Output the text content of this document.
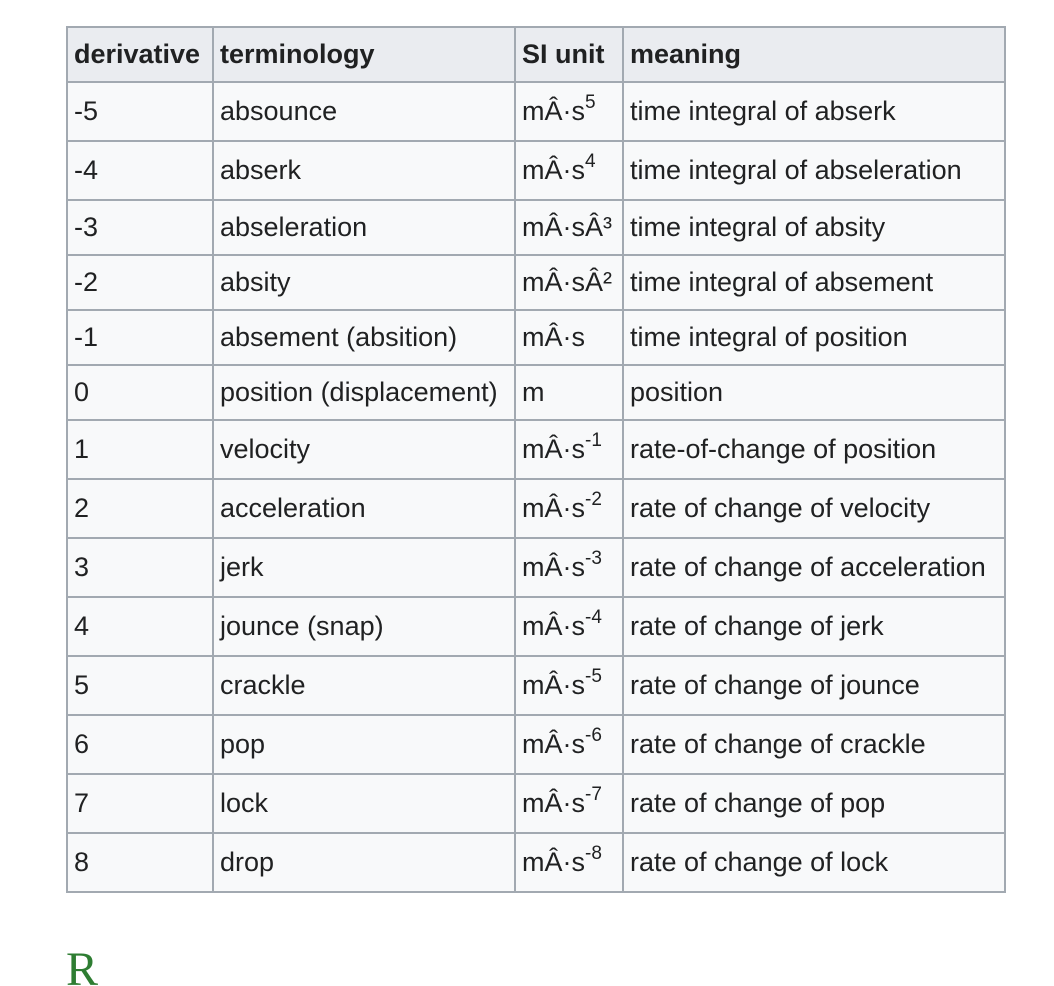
derivative	terminology	SI unit	meaning
-5	absounce	$mÂ\cdot s^5$	time integral of abserk
-4	abserk	$mÂ\cdot s^4$	time integral of abseleration
-3	abseleration	mÂ·sÂ³	time integral of absity
-2	absity	mÂ·sÂ²	time integral of absement
-1	absement (absition)	mÂ·s	time integral of position
0	position (displacement)	m	position
1	velocity	$mÂ\cdot s^{-1}$	rate-of-change of position
2	acceleration	$mÂ\cdot s^{-2}$	rate of change of velocity
3	jerk	$mÂ\cdot s^{-3}$	rate of change of acceleration
4	jounce (snap)	$mÂ\cdot s^{-4}$	rate of change of jerk
5	crackle	$mÂ\cdot s^{-5}$	rate of change of jounce
6	pop	$mÂ\cdot s^{-6}$	rate of change of crackle
7	lock	$mÂ\cdot s^{-7}$	rate of change of pop
8	drop	$mÂ\cdot s^{-8}$	rate of change of lock
R
